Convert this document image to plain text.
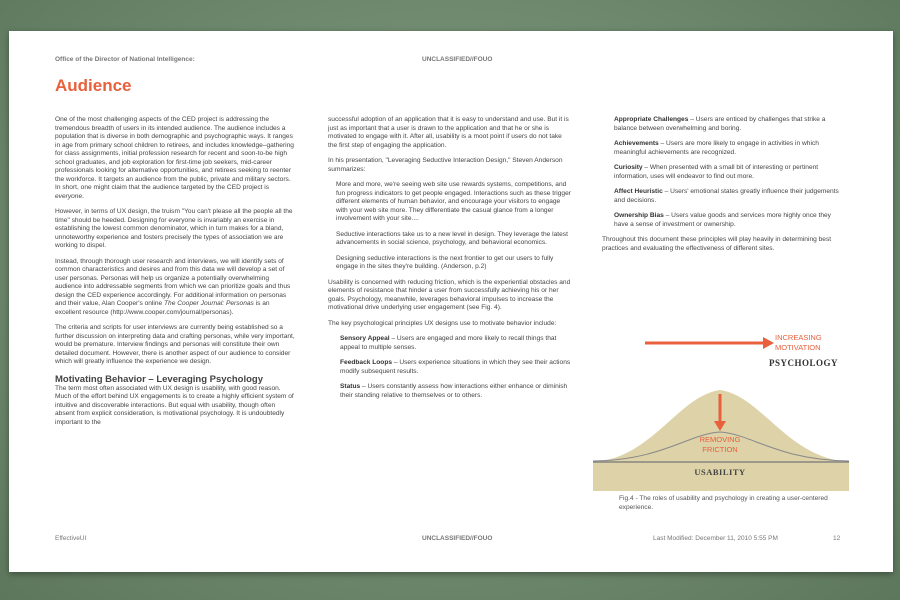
Office of the Director of National Intelligence:	UNCLASSIFIED//FOUO
Audience

One of the most challenging aspects of the CED project is addressing the tremendous breadth of users in its intended audience. The audience includes a population that is diverse in both demographic and psychographic ways. It ranges in age from primary school children to retirees, and includes knowledge–gathering for class assignments, initial profession research for recent and soon-to-be high school graduates, and job exploration for first-time job seekers, mid-career professionals looking for alternative opportunities, and retirees seeking to reenter the workforce. It targets an audience from the public, private and military sectors. In short, one might claim that the audience targeted by the CED project is everyone.

However, in terms of UX design, the truism "You can't please all the people all the time" should be heeded. Designing for everyone is invariably an exercise in establishing the lowest common denominator, which in turn makes for a bland, unnoteworthy experience and fosters precisely the types of association we are working to dispel.

Instead, through thorough user research and interviews, we will identify sets of common characteristics and desires and from this data we will develop a set of user personas. Personas will help us organize a potentially overwhelming audience into addressable segments from which we can prioritize goals and thus design the CED experience accordingly. For additional information on personas and their value, Alan Cooper's online The Cooper Journal: Personas is an excellent resource (http://www.cooper.com/journal/personas).

The criteria and scripts for user interviews are currently being established so a further discussion on interpreting data and crafting personas, while very important, would be premature. Interview findings and personas will constitute their own detailed document. However, there is another aspect of our audience to consider which will greatly influence the experience we design.

Motivating Behavior – Leveraging Psychology

The term most often associated with UX design is usability, with good reason. Much of the effort behind UX engagements is to create a highly efficient system of intuitive and discoverable interactions. But equal with usability, though often absent from explicit consideration, is motivational psychology. It is undoubtedly important to the

successful adoption of an application that it is easy to understand and use. But it is just as important that a user is drawn to the application and that he or she is motivated to engage with it. After all, usability is a moot point if users do not take the first step of engaging the application.

In his presentation, "Leveraging Seductive Interaction Design," Steven Anderson summarizes:

More and more, we're seeing web site use rewards systems, competitions, and fun progress indicators to get people engaged. Interactions such as these trigger different elements of human behavior, and encourage your visitors to engage with your web site more. They differentiate the casual glance from a longer involvement with your site....

Seductive interactions take us to a new level in design. They leverage the latest advancements in social science, psychology, and behavioral economics.

Designing seductive interactions is the next frontier to get our users to fully engage in the sites they're building. (Anderson, p.2)

Usability is concerned with reducing friction, which is the experiential obstacles and elements of resistance that hinder a user from successfully achieving his or her goals. Psychology, meanwhile, leverages behavioral impulses to increase the motivational drive underlying user engagement (see Fig. 4).

The key psychological principles UX designs use to motivate behavior include:

Sensory Appeal – Users are engaged and more likely to recall things that appeal to multiple senses.

Feedback Loops – Users experience situations in which they see their actions modify subsequent results.

Status – Users constantly assess how interactions either enhance or diminish their standing relative to themselves or to others.

Appropriate Challenges – Users are enticed by challenges that strike a balance between overwhelming and boring.

Achievements – Users are more likely to engage in activities in which meaningful achievements are recognized.

Curiosity – When presented with a small bit of interesting or pertinent information, uses will endeavor to find out more.

Affect Heuristic – Users' emotional states greatly influence their judgements and decisions.

Ownership Bias – Users value goods and services more highly once they have a sense of investment or ownership.

Throughout this document these principles will play heavily in determining best practices and evaluating the effectiveness of different sites.

INCREASING
MOTIVATION
PSYCHOLOGY
REMOVING
FRICTION
USABILITY
Fig.4 - The roles of usability and psychology in creating a user-centered experience.
EffectiveUI	UNCLASSIFIED//FOUO	Last Modified: December 11, 2010 5:55 PM	12
